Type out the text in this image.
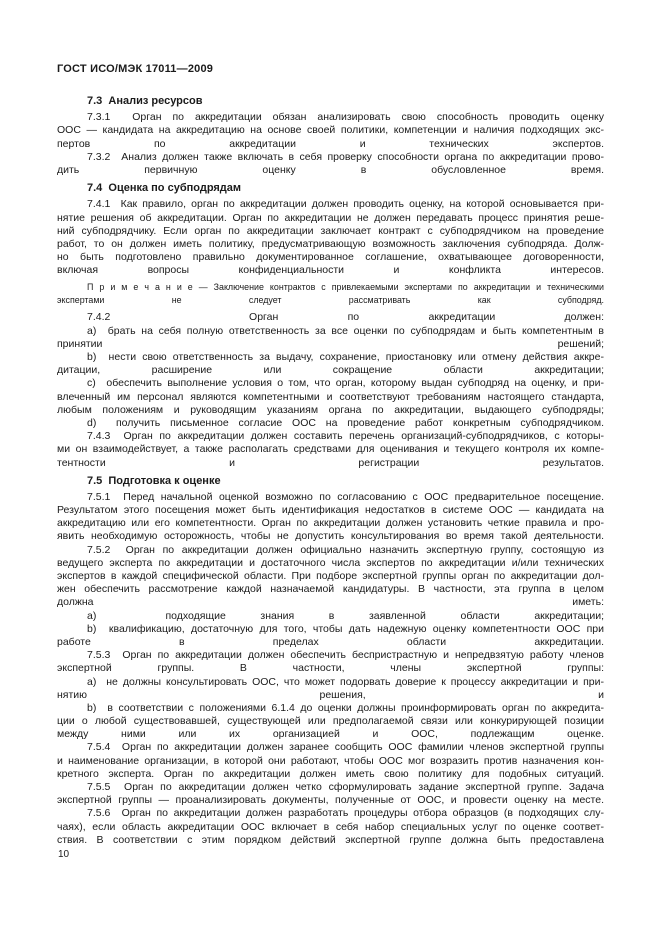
ГОСТ ИСО/МЭК 17011—2009
7.3  Анализ ресурсов
7.3.1  Орган по аккредитации обязан анализировать свою способность проводить оценку
ООС — кандидата на аккредитацию на основе своей политики, компетенции и наличия подходящих экс-
пертов по аккредитации и технических экспертов.
7.3.2  Анализ должен также включать в себя проверку способности органа по аккредитации прово-
дить первичную оценку в обусловленное время.
7.4  Оценка по субподрядам
7.4.1  Как правило, орган по аккредитации должен проводить оценку, на которой основывается при-
нятие решения об аккредитации. Орган по аккредитации не должен передавать процесс принятия реше-
ний субподрядчику. Если орган по аккредитации заключает контракт с субподрядчиком на проведение
работ, то он должен иметь политику, предусматривающую возможность заключения субподряда. Долж-
но быть подготовлено правильно документированное соглашение, охватывающее договоренности,
включая вопросы конфиденциальности и конфликта интересов.
П р и м е ч а н и е — Заключение контрактов с привлекаемыми экспертами по аккредитации и техническими
экспертами не следует рассматривать как субподряд.
7.4.2  Орган по аккредитации должен:
a)  брать на себя полную ответственность за все оценки по субподрядам и быть компетентным в
принятии решений;
b)  нести свою ответственность за выдачу, сохранение, приостановку или отмену действия аккре-
дитации, расширение или сокращение области аккредитации;
c)  обеспечить выполнение условия о том, что орган, которому выдан субподряд на оценку, и при-
влеченный им персонал являются компетентными и соответствуют требованиям настоящего стандарта,
любым положениям и руководящим указаниям органа по аккредитации, выдающего субподряды;
d)  получить письменное согласие ООС на проведение работ конкретным субподрядчиком.
7.4.3  Орган по аккредитации должен составить перечень организаций-субподрядчиков, с которы-
ми он взаимодействует, а также располагать средствами для оценивания и текущего контроля их компе-
тентности и регистрации результатов.
7.5  Подготовка к оценке
7.5.1  Перед начальной оценкой возможно по согласованию с ООС предварительное посещение.
Результатом этого посещения может быть идентификация недостатков в системе ООС — кандидата на
аккредитацию или его компетентности. Орган по аккредитации должен установить четкие правила и про-
явить необходимую осторожность, чтобы не допустить консультирования во время такой деятельности.
7.5.2  Орган по аккредитации должен официально назначить экспертную группу, состоящую из
ведущего эксперта по аккредитации и достаточного числа экспертов по аккредитации и/или технических
экспертов в каждой специфической области. При подборе экспертной группы орган по аккредитации дол-
жен обеспечить рассмотрение каждой назначаемой кандидатуры. В частности, эта группа в целом
должна иметь:
a)  подходящие знания в заявленной области аккредитации;
b)  квалификацию, достаточную для того, чтобы дать надежную оценку компетентности ООС при
работе в пределах области аккредитации.
7.5.3  Орган по аккредитации должен обеспечить беспристрастную и непредвзятую работу членов
экспертной группы. В частности, члены экспертной группы:
a)  не должны консультировать ООС, что может подорвать доверие к процессу аккредитации и при-
нятию решения, и
b)  в соответствии с положениями 6.1.4 до оценки должны проинформировать орган по аккредита-
ции о любой существовавшей, существующей или предполагаемой связи или конкурирующей позиции
между ними или их организацией и ООС, подлежащим оценке.
7.5.4  Орган по аккредитации должен заранее сообщить ООС фамилии членов экспертной группы
и наименование организации, в которой они работают, чтобы ООС мог возразить против назначения кон-
кретного эксперта. Орган по аккредитации должен иметь свою политику для подобных ситуаций.
7.5.5  Орган по аккредитации должен четко сформулировать задание экспертной группе. Задача
экспертной группы — проанализировать документы, полученные от ООС, и провести оценку на месте.
7.5.6  Орган по аккредитации должен разработать процедуры отбора образцов (в подходящих слу-
чаях), если область аккредитации ООС включает в себя набор специальных услуг по оценке соответ-
ствия. В соответствии с этим порядком действий экспертной группе должна быть предоставлена
10
